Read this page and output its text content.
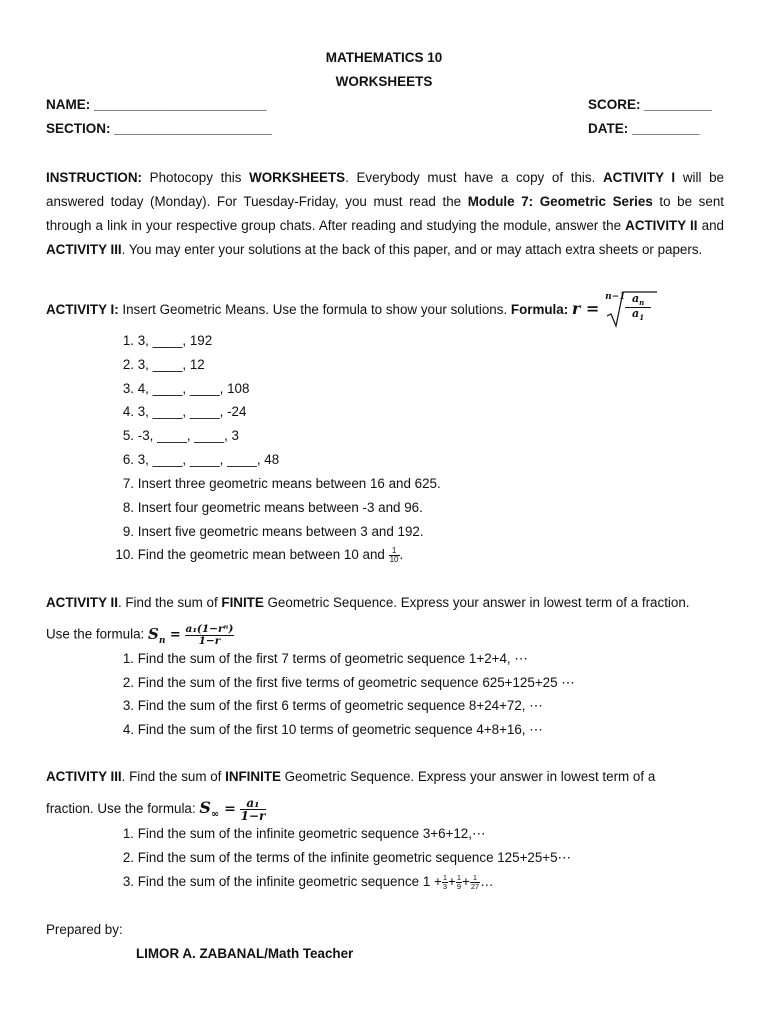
MATHEMATICS 10
WORKSHEETS
NAME: _______________________	SCORE: _________
SECTION: _____________________	DATE: _________
INSTRUCTION: Photocopy this WORKSHEETS. Everybody must have a copy of this. ACTIVITY I will be answered today (Monday). For Tuesday-Friday, you must read the Module 7: Geometric Series to be sent through a link in your respective group chats. After reading and studying the module, answer the ACTIVITY II and ACTIVITY III. You may enter your solutions at the back of this paper, and or may attach extra sheets or papers.
ACTIVITY I: Insert Geometric Means. Use the formula to show your solutions. Formula: r =
n−1 $a_n$
$a_1$
1. 3, ____, 192
2. 3, ____, 12
3. 4, ____, ____, 108
4. 3, ____, ____, -24
5. -3, ____, ____, 3
6. 3, ____, ____, ____, 48
7. Insert three geometric means between 16 and 625.
8. Insert four geometric means between -3 and 96.
9. Insert five geometric means between 3 and 192.
10. Find the geometric mean between 10 and $\frac{1}{10}$ .
ACTIVITY II. Find the sum of FINITE Geometric Sequence. Express your answer in lowest term of a fraction.
Use the formula: $S_n = \frac{\text{a₁(1−rⁿ)}}{1-r}$
1. Find the sum of the first 7 terms of geometric sequence 1+2+4, ⋯
2. Find the sum of the first five terms of geometric sequence 625+125+25 ⋯
3. Find the sum of the first 6 terms of geometric sequence 8+24+72, ⋯
4. Find the sum of the first 10 terms of geometric sequence 4+8+16, ⋯
ACTIVITY III. Find the sum of INFINITE Geometric Sequence. Express your answer in lowest term of a
fraction. Use the formula: $S_\infty = \frac{\text{a₁}}{1-r}$
1. Find the sum of the infinite geometric sequence 3+6+12,⋯
2. Find the sum of the terms of the infinite geometric sequence 125+25+5⋯
3. Find the sum of the infinite geometric sequence $1 + \frac{1}{3} + \frac{1}{9} + \frac{1}{27}$ …
Prepared by:
LIMOR A. ZABANAL/Math Teacher
